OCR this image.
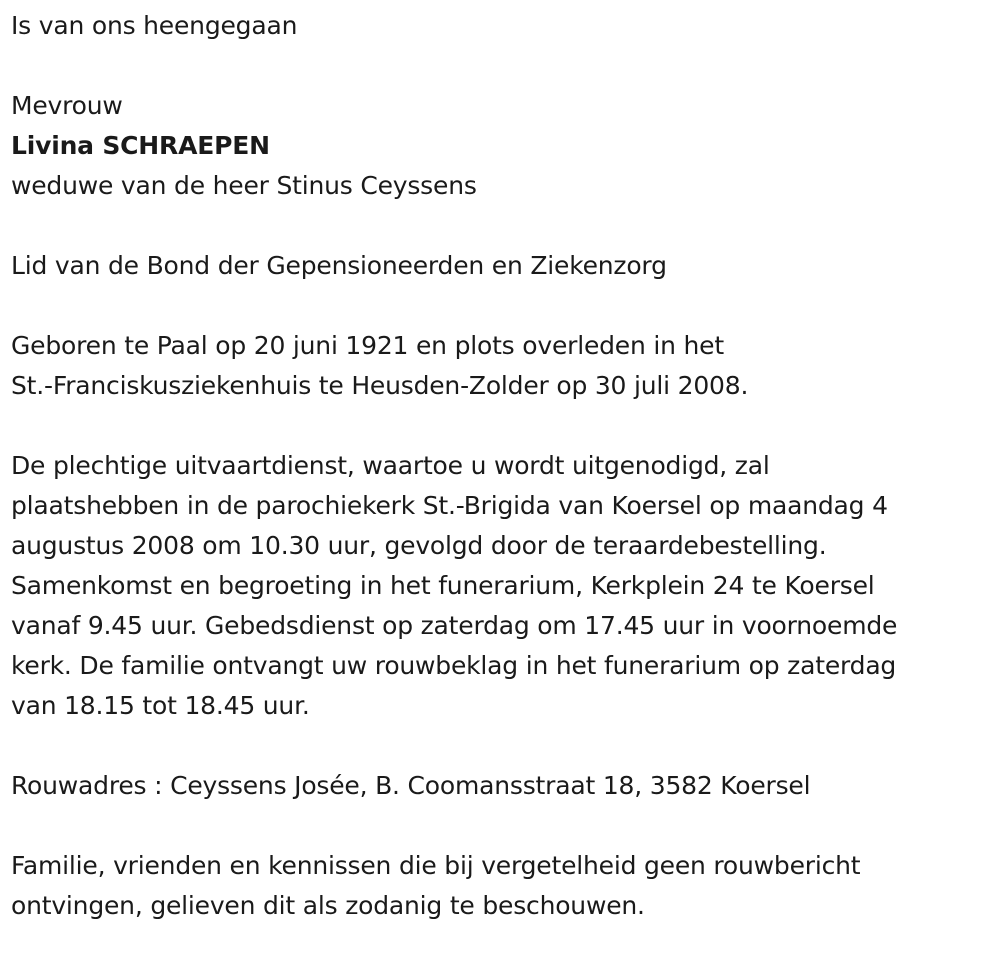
Is van ons heengegaan
Mevrouw
Livina SCHRAEPEN
weduwe van de heer Stinus Ceyssens
Lid van de Bond der Gepensioneerden en Ziekenzorg
Geboren te Paal op 20 juni 1921 en plots overleden in het
St.-Franciskusziekenhuis te Heusden-Zolder op 30 juli 2008.
De plechtige uitvaartdienst, waartoe u wordt uitgenodigd, zal
plaatshebben in de parochiekerk St.-Brigida van Koersel op maandag 4
augustus 2008 om 10.30 uur, gevolgd door de teraardebestelling.
Samenkomst en begroeting in het funerarium, Kerkplein 24 te Koersel
vanaf 9.45 uur. Gebedsdienst op zaterdag om 17.45 uur in voornoemde
kerk. De familie ontvangt uw rouwbeklag in het funerarium op zaterdag
van 18.15 tot 18.45 uur.
Rouwadres : Ceyssens Josée, B. Coomansstraat 18, 3582 Koersel
Familie, vrienden en kennissen die bij vergetelheid geen rouwbericht
ontvingen, gelieven dit als zodanig te beschouwen.
